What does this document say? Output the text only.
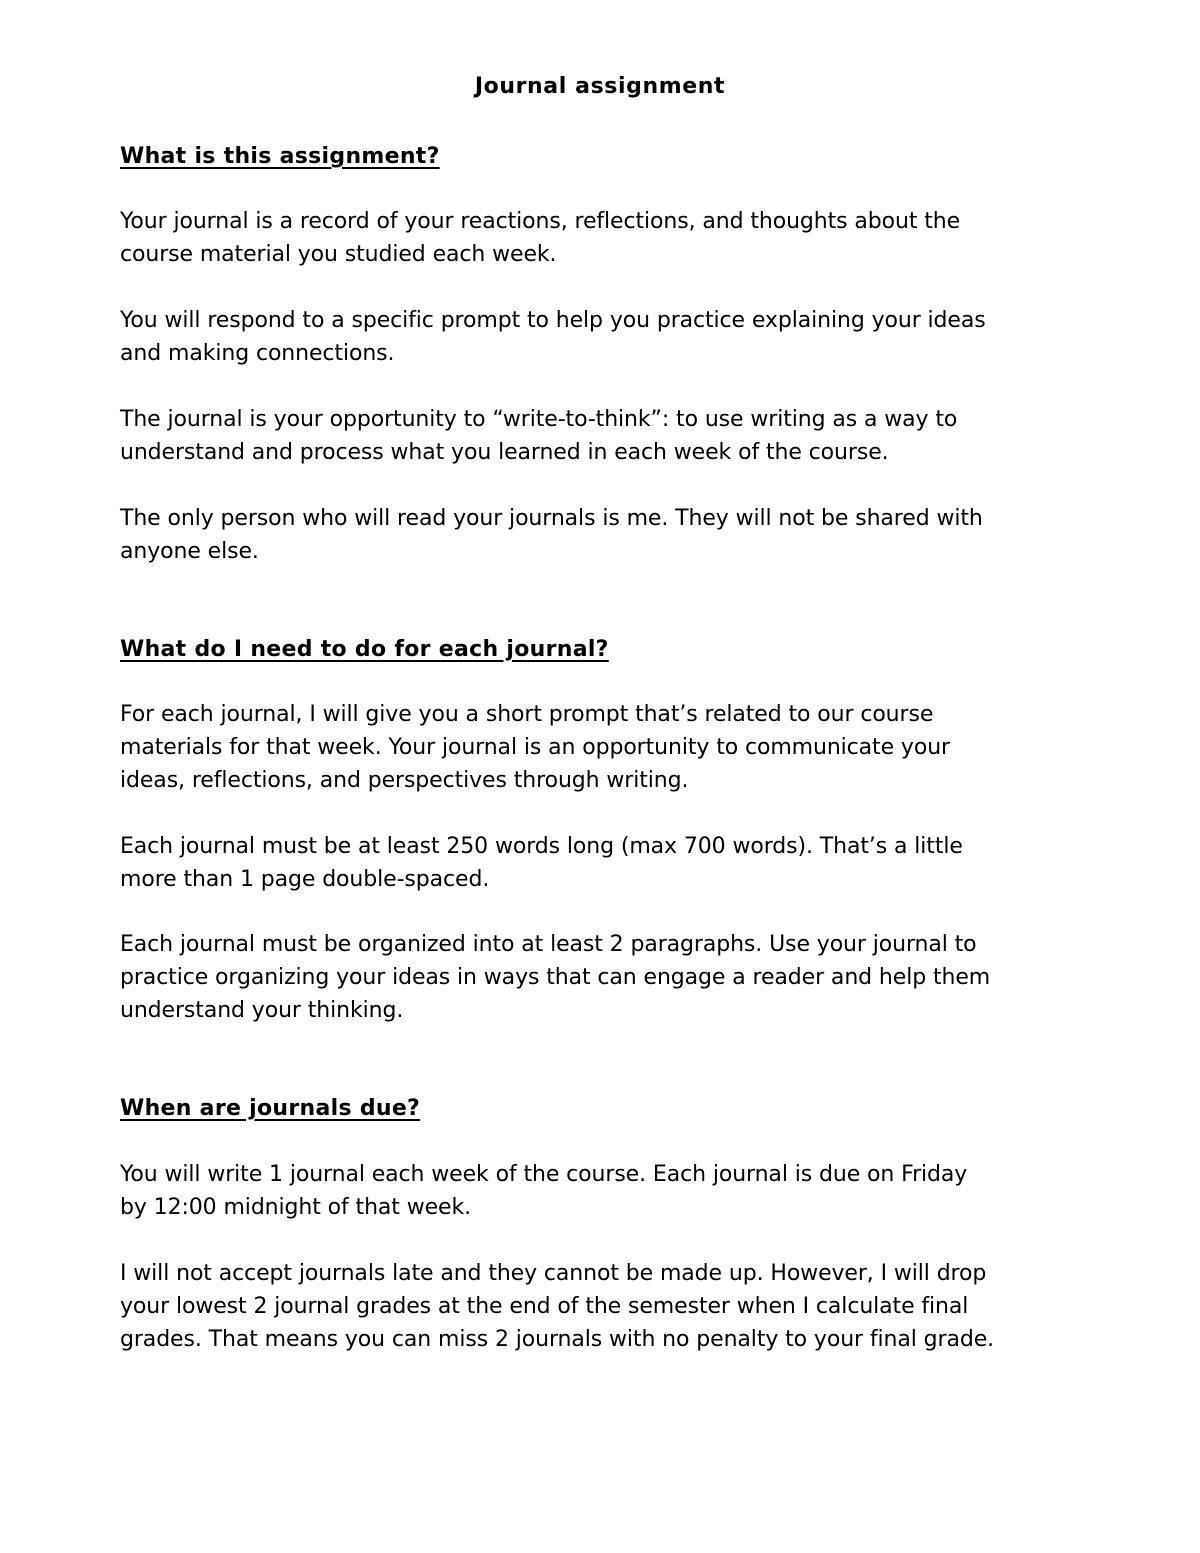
Journal assignment
What is this assignment?
Your journal is a record of your reactions, reflections, and thoughts about the
course material you studied each week.
You will respond to a specific prompt to help you practice explaining your ideas
and making connections.
The journal is your opportunity to “write-to-think”: to use writing as a way to
understand and process what you learned in each week of the course.
The only person who will read your journals is me. They will not be shared with
anyone else.
What do I need to do for each journal?
For each journal, I will give you a short prompt that’s related to our course
materials for that week. Your journal is an opportunity to communicate your
ideas, reflections, and perspectives through writing.
Each journal must be at least 250 words long (max 700 words). That’s a little
more than 1 page double-spaced.
Each journal must be organized into at least 2 paragraphs. Use your journal to
practice organizing your ideas in ways that can engage a reader and help them
understand your thinking.
When are journals due?
You will write 1 journal each week of the course. Each journal is due on Friday
by 12:00 midnight of that week.
I will not accept journals late and they cannot be made up. However, I will drop
your lowest 2 journal grades at the end of the semester when I calculate final
grades. That means you can miss 2 journals with no penalty to your final grade.
